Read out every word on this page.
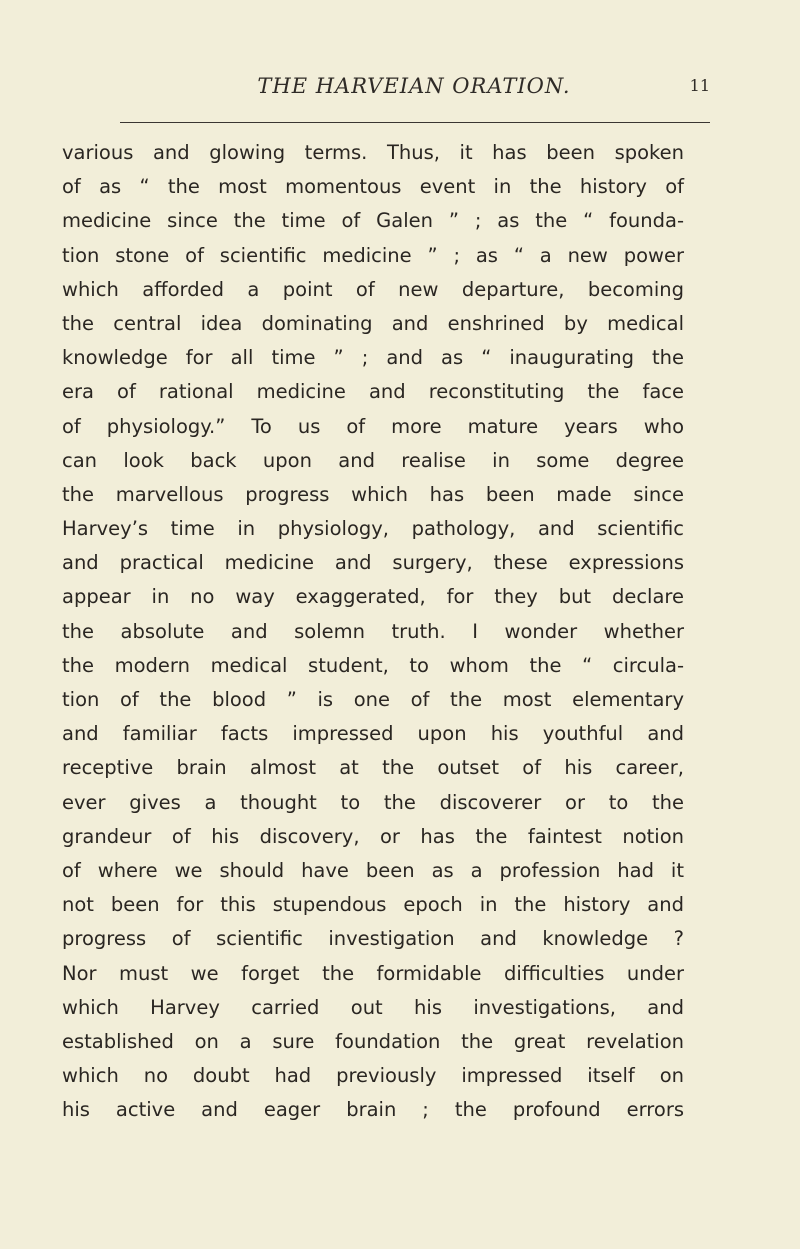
THE HARVEIAN ORATION.	11
various and glowing terms. Thus, it has been spoken
of as “ the most momentous event in the history of
medicine since the time of Galen ” ; as the “ founda-
tion stone of scientific medicine ” ; as “ a new power
which afforded a point of new departure, becoming
the central idea dominating and enshrined by medical
knowledge for all time ” ; and as “ inaugurating the
era of rational medicine and reconstituting the face
of physiology.” To us of more mature years who
can look back upon and realise in some degree
the marvellous progress which has been made since
Harvey’s time in physiology, pathology, and scientific
and practical medicine and surgery, these expressions
appear in no way exaggerated, for they but declare
the absolute and solemn truth. I wonder whether
the modern medical student, to whom the “ circula-
tion of the blood ” is one of the most elementary
and familiar facts impressed upon his youthful and
receptive brain almost at the outset of his career,
ever gives a thought to the discoverer or to the
grandeur of his discovery, or has the faintest notion
of where we should have been as a profession had it
not been for this stupendous epoch in the history and
progress of scientific investigation and knowledge ?
Nor must we forget the formidable difficulties under
which Harvey carried out his investigations, and
established on a sure foundation the great revelation
which no doubt had previously impressed itself on
his active and eager brain ; the profound errors
